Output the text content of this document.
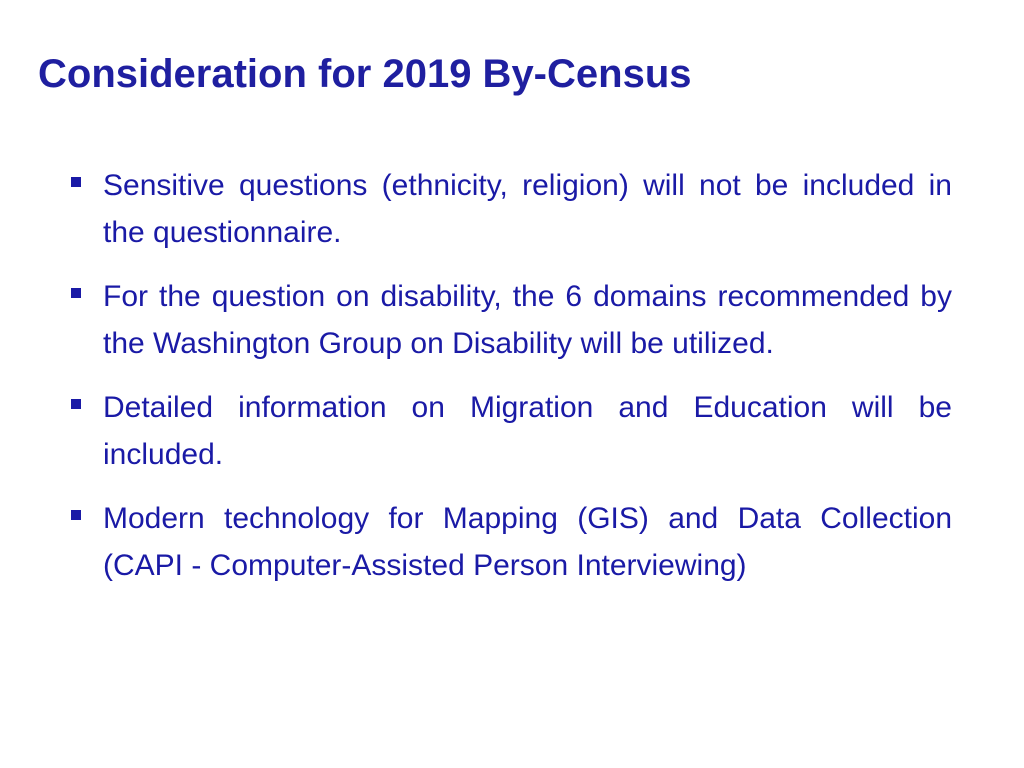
Consideration for 2019 By-Census
Sensitive questions (ethnicity, religion) will not be included in the questionnaire.
For the question on disability, the 6 domains recommended by the Washington Group on Disability will be utilized.
Detailed information on Migration and Education will be included.
Modern technology for Mapping (GIS) and Data Collection (CAPI - Computer-Assisted Person Interviewing)
